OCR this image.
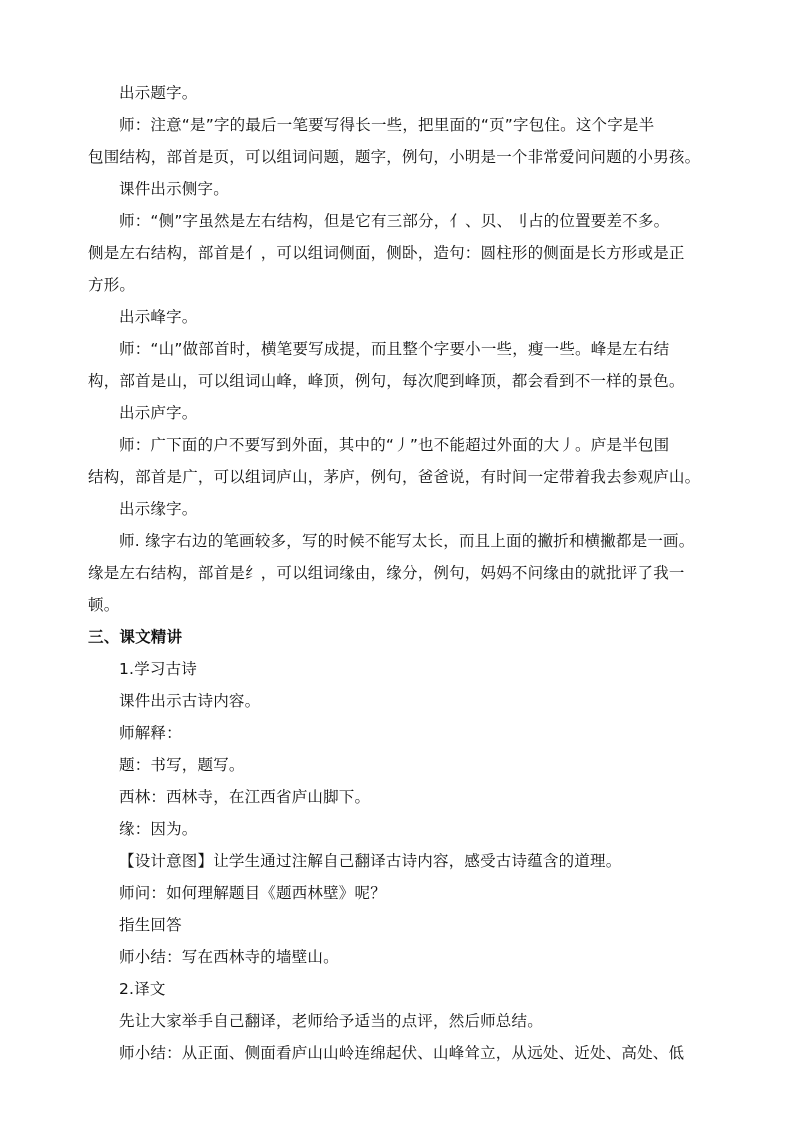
出示题字。
师：注意“是”字的最后一笔要写得长一些，把里面的“页”字包住。这个字是半
包围结构，部首是页，可以组词问题，题字，例句，小明是一个非常爱问问题的小男孩。
课件出示侧字。
师：“侧”字虽然是左右结构，但是它有三部分，亻、贝、刂占的位置要差不多。
侧是左右结构，部首是亻，可以组词侧面，侧卧，造句：圆柱形的侧面是长方形或是正
方形。
出示峰字。
师：“山”做部首时，横笔要写成提，而且整个字要小一些，瘦一些。峰是左右结
构，部首是山，可以组词山峰，峰顶，例句，每次爬到峰顶，都会看到不一样的景色。
出示庐字。
师：广下面的户不要写到外面，其中的“丿”也不能超过外面的大丿。庐是半包围
结构，部首是广，可以组词庐山，茅庐，例句，爸爸说，有时间一定带着我去参观庐山。
出示缘字。
师. 缘字右边的笔画较多，写的时候不能写太长，而且上面的撇折和横撇都是一画。
缘是左右结构，部首是纟，可以组词缘由，缘分，例句，妈妈不问缘由的就批评了我一
顿。
三、课文精讲
1.学习古诗
课件出示古诗内容。
师解释：
题：书写，题写。
西林：西林寺，在江西省庐山脚下。
缘：因为。
【设计意图】让学生通过注解自己翻译古诗内容，感受古诗蕴含的道理。
师问：如何理解题目《题西林壁》呢？
指生回答
师小结：写在西林寺的墙壁山。
2.译文
先让大家举手自己翻译，老师给予适当的点评，然后师总结。
师小结：从正面、侧面看庐山山岭连绵起伏、山峰耸立，从远处、近处、高处、低
